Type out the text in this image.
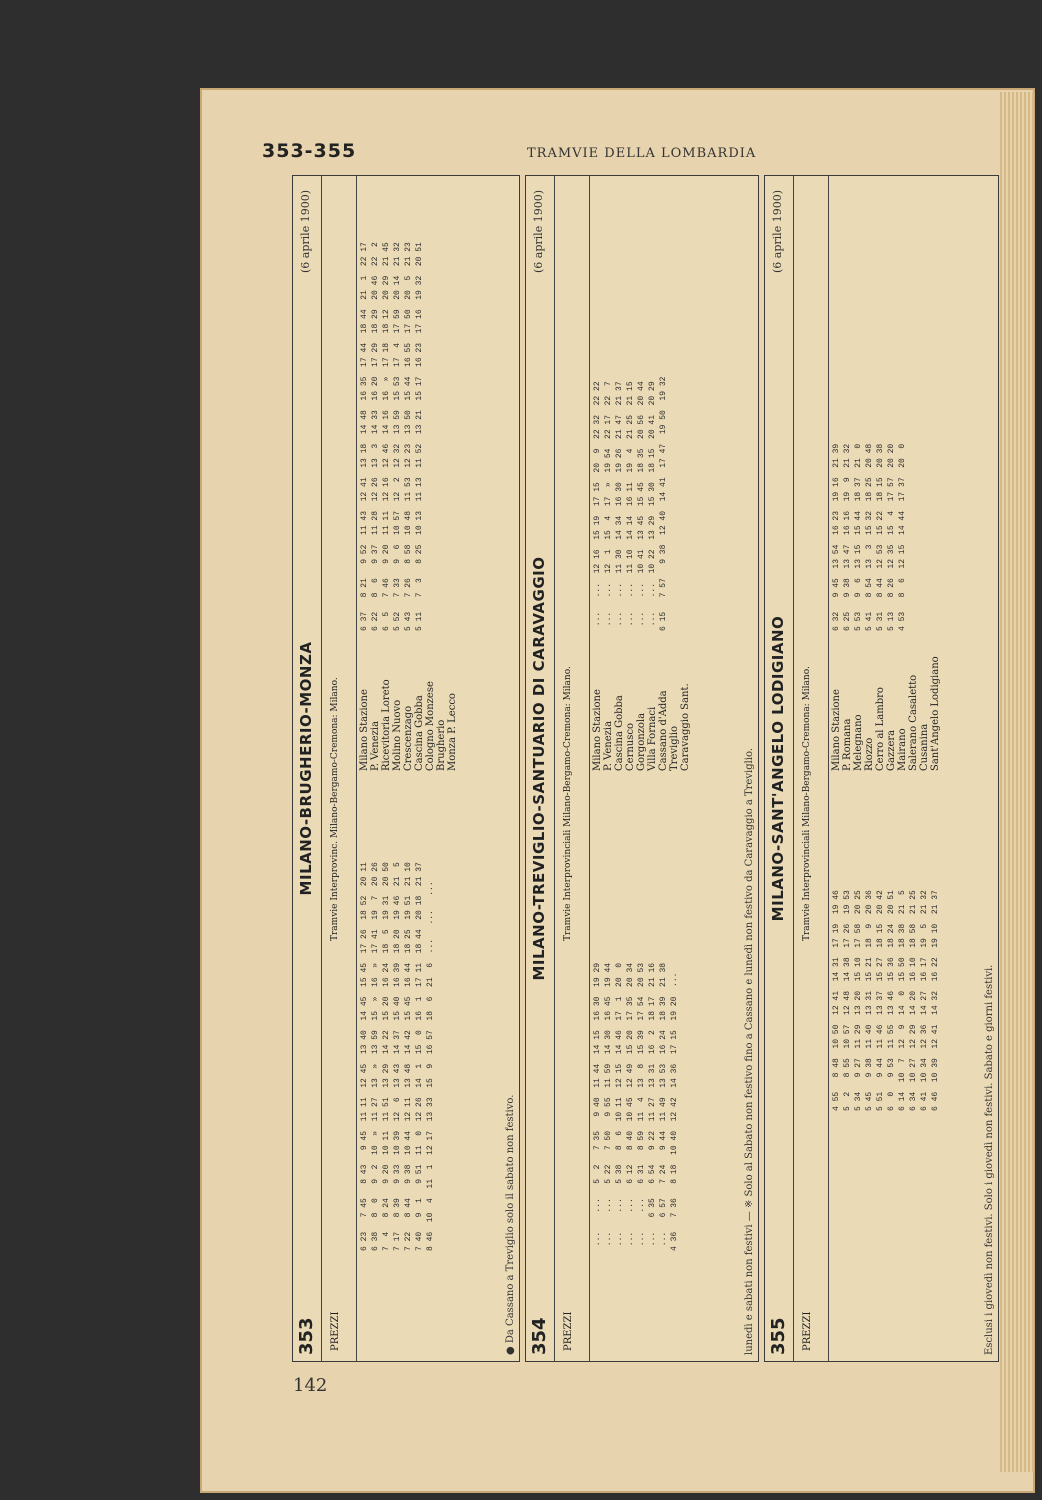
353-355	TRAMVIE DELLA LOMBARDIA
353
MILANO-BRUGHERIO-MONZA
(6 aprile 1900)
PREZZI
Tramvie Interprovinc. Milano-Bergamo-Cremona: Milano.
6 23   7 45   8 43   9 45  11 11  12 45  13 40  14 45  15 45  17 26  18 52  20 11
6 38   8  0   9  2  10  »  11 27  13  »  13 59  15  »  16  »  17 41  19  7  20 26
7  4   8 24   9 20  10 11  11 51  13 29  14 22  15 20  16 24  18  5  19 31  20 50
7 17   8 39   9 33  10 39  12  6  13 43  14 37  15 40  16 39  18 20  19 46  21  5
7 22   8 44   9 38  10 44  12 11  13 48  14 42  15 45  16 44  18 25  19 51  21 10
7 40   9  1   9 51  11  0  12 26  14  1  15  0  16  1  17 11  18 44  20 18  21 37
8 46  10  4  11  1  12 17  13 33  15  9  16 57  18  6  21  6  ...   ...   ...
Milano Stazione P. Venezia Ricevitoria Loreto Molino Nuovo Crescenzago Cascina Gobba Cologno Monzese Brugherio Monza P. Lecco
6 37   8 21   9 52  11 43  12 41  13 18  14 48  16 35  17 44  18 44  21  1  22 17
6 22   8  6   9 37  11 28  12 26  13  3  14 33  16 20  17 29  18 29  20 46  22  2
6  5   7 46   9 20  11 11  12 16  12 46  14 16  16  »  17 18  18 12  20 29  21 45
5 52   7 33   9  6  10 57  12  2  12 32  13 59  15 53  17  4  17 59  20 14  21 32
5 43   7 26   8 58  10 48  11 53  12 23  13 50  15 44  16 55  17 50  20  5  21 23
5 11   7  3   8 25  10 13  11 13  11 52  13 21  15 17  16 23  17 16  19 32  20 51
● Da Cassano a Treviglio solo il sabato non festivo. 354
MILANO-TREVIGLIO-SANTUARIO DI CARAVAGGIO
(6 aprile 1900)
PREZZI
Tramvie Interprovinciali Milano-Bergamo-Cremona: Milano.
...    ...   5  2   7 35   9 40  11 44  14 15  16 30  19 29
...    ...   5 22   7 50   9 55  11 59  14 30  16 45  19 44
...    ...   5 38   8  6  10 11  12 15  14 46  17  1  20  0
...    ...   6 12   8 40  10 45  12 49  15 20  17 35  20 34
...    ...   6 31   8 59  11  4  13  8  15 39  17 54  20 53
...   6 35   6 54   9 22  11 27  13 31  16  2  18 17  21 16
...   6 57   7 24   9 44  11 49  13 53  16 24  18 39  21 38
4 36   7 36   8 18  10 40  12 42  14 36  17 15  19 20  ...
Milano Stazione P. Venezia Cascina Gobba Cernusco Gorgonzola Villa Fornaci Cassano d'Adda Treviglio Caravaggio Sant.
...   ...  12 16  15 19  17 15  20  9  22 32  22 22
...   ...  12  1  15  4  17  »  19 54  22 17  22  7
...   ...  11 30  14 34  16 30  19 26  21 47  21 37
...   ...  11 10  14 14  16 11  19  4  21 25  21 15
...   ...  10 41  13 45  15 45  18 35  20 56  20 44
...   ...  10 22  13 29  15 30  18 15  20 41  20 29
6 15   7 57   9 38  12 40  14 41  17 47  19 50  19 32
lunedì e sabati non festivi — ※ Solo al Sabato non festivo fino a Cassano e lunedì non festivo da Caravaggio a Treviglio. 355
MILANO-SANT'ANGELO LODIGIANO
(6 aprile 1900)
PREZZI
Tramvie Interprovinciali Milano-Bergamo-Cremona: Milano.
4 55   8 48  10 50  12 41  14 31  17 19  19 46
5  2   8 55  10 57  12 48  14 38  17 26  19 53
5 34   9 27  11 29  13 20  15 10  17 58  20 25
5 45   9 38  11 40  13 31  15 21  18  9  20 36
5 51   9 44  11 46  13 37  15 27  18 15  20 42
6  0   9 53  11 55  13 46  15 36  18 24  20 51
6 14  10  7  12  9  14  0  15 50  18 38  21  5
6 34  10 27  12 29  14 20  16 10  18 58  21 25
6 41  10 34  12 36  14 27  16 17  19  5  21 32
6 46  10 39  12 41  14 32  16 22  19 10  21 37
Milano Stazione P. Romana Melegnano Riozzo Cerro al Lambro Gazzera Mairano Salerano Casaletto Cusanina Sant'Angelo Lodigiano
6 32   9 45  13 54  16 23  19 16  21 39
6 25   9 38  13 47  16 16  19  9  21 32
5 53   9  6  13 15  15 44  18 37  21  0
5 41   8 54  13  3  15 32  18 25  20 48
5 31   8 44  12 53  15 22  18 15  20 38
5 13   8 26  12 35  15  4  17 57  20 20
4 53   8  6  12 15  14 44  17 37  20  0
Esclusi i giovedì non festivi. Solo i giovedì non festivi. Sabato e giorni festivi.
142
